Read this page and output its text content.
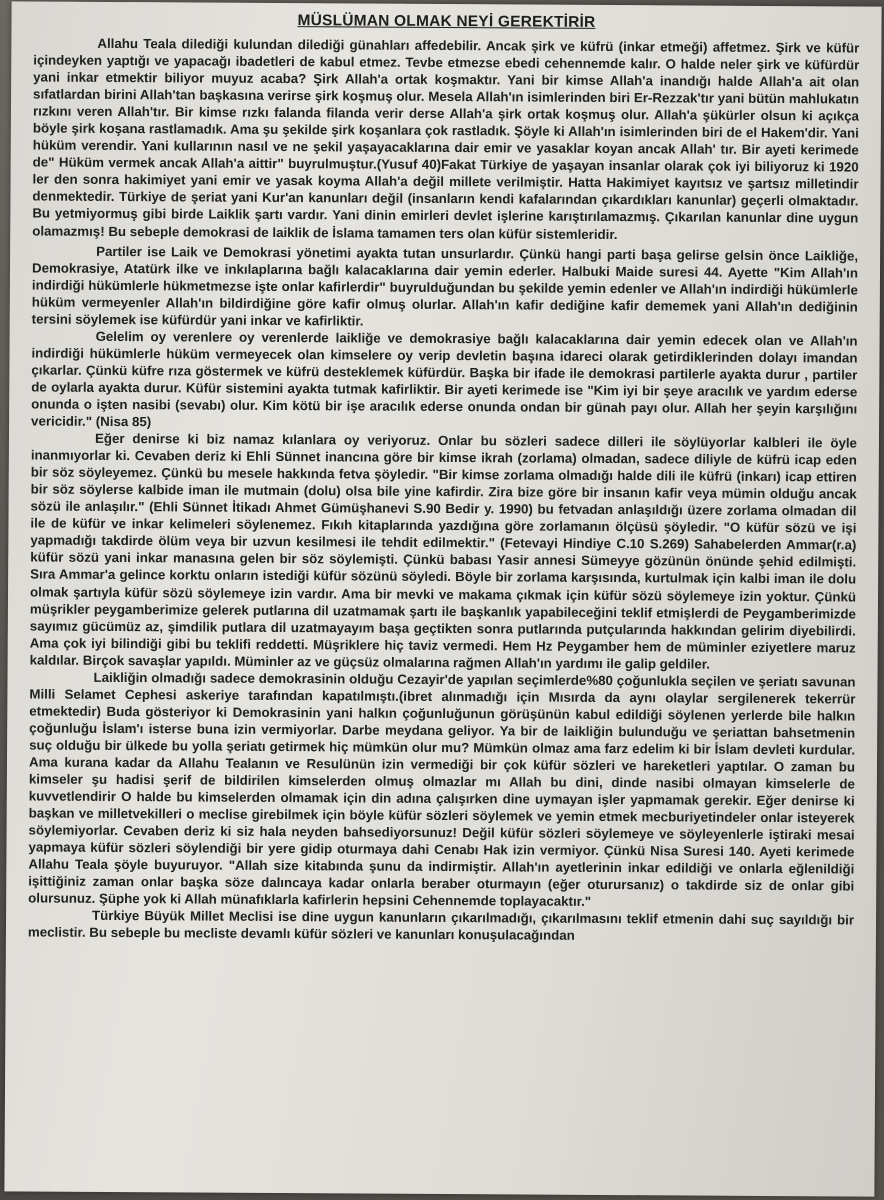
MÜSLÜMAN OLMAK NEYİ GEREKTİRİR

Allahu Teala dilediği kulundan dilediği günahları affedebilir. Ancak şirk ve küfrü (inkar etmeği) affetmez. Şirk ve küfür içindeyken yaptığı ve yapacağı ibadetleri de kabul etmez. Tevbe etmezse ebedi cehennemde kalır. O halde neler şirk ve küfürdür yani inkar etmektir biliyor muyuz acaba? Şirk Allah'a ortak koşmaktır. Yani bir kimse Allah'a inandığı halde Allah'a ait olan sıfatlardan birini Allah'tan başkasına verirse şirk koşmuş olur. Mesela Allah'ın isimlerinden biri Er-Rezzak'tır yani bütün mahlukatın rızkını veren Allah'tır. Bir kimse rızkı falanda filanda verir derse Allah'a şirk ortak koşmuş olur. Allah'a şükürler olsun ki açıkça böyle şirk koşana rastlamadık. Ama şu şekilde şirk koşanlara çok rastladık. Şöyle ki Allah'ın isimlerinden biri de el Hakem'dir. Yani hüküm verendir. Yani kullarının nasıl ve ne şekil yaşayacaklarına dair emir ve yasaklar koyan ancak Allah' tır. Bir ayeti kerimede de" Hüküm vermek ancak Allah'a aittir" buyrulmuştur.(Yusuf 40)Fakat Türkiye de yaşayan insanlar olarak çok iyi biliyoruz ki 1920 ler den sonra hakimiyet yani emir ve yasak koyma Allah'a değil millete verilmiştir. Hatta Hakimiyet kayıtsız ve şartsız milletindir denmektedir. Türkiye de şeriat yani Kur'an kanunları değil (insanların kendi kafalarından çıkardıkları kanunlar) geçerli olmaktadır. Bu yetmiyormuş gibi birde Laiklik şartı vardır. Yani dinin emirleri devlet işlerine karıştırılamazmış. Çıkarılan kanunlar dine uygun olamazmış! Bu sebeple demokrasi de laiklik de İslama tamamen ters olan küfür sistemleridir.

Partiler ise Laik ve Demokrasi yönetimi ayakta tutan unsurlardır. Çünkü hangi parti başa gelirse gelsin önce Laikliğe, Demokrasiye, Atatürk ilke ve inkılaplarına bağlı kalacaklarına dair yemin ederler. Halbuki Maide suresi 44. Ayette "Kim Allah'ın indirdiği hükümlerle hükmetmezse işte onlar kafirlerdir" buyrulduğundan bu şekilde yemin edenler ve Allah'ın indirdiği hükümlerle hüküm vermeyenler Allah'ın bildirdiğine göre kafir olmuş olurlar. Allah'ın kafir dediğine kafir dememek yani Allah'ın dediğinin tersini söylemek ise küfürdür yani inkar ve kafirliktir.

Gelelim oy verenlere oy verenlerde laikliğe ve demokrasiye bağlı kalacaklarına dair yemin edecek olan ve Allah'ın indirdiği hükümlerle hüküm vermeyecek olan kimselere oy verip devletin başına idareci olarak getirdiklerinden dolayı imandan çıkarlar. Çünkü küfre rıza göstermek ve küfrü desteklemek küfürdür. Başka bir ifade ile demokrasi partilerle ayakta durur , partiler de oylarla ayakta durur. Küfür sistemini ayakta tutmak kafirliktir. Bir ayeti kerimede ise "Kim iyi bir şeye aracılık ve yardım ederse onunda o işten nasibi (sevabı) olur. Kim kötü bir işe aracılık ederse onunda ondan bir günah payı olur. Allah her şeyin karşılığını vericidir." (Nisa 85)

Eğer denirse ki biz namaz kılanlara oy veriyoruz. Onlar bu sözleri sadece dilleri ile söylüyorlar kalbleri ile öyle inanmıyorlar ki. Cevaben deriz ki Ehli Sünnet inancına göre bir kimse ikrah (zorlama) olmadan, sadece diliyle de küfrü icap eden bir söz söyleyemez. Çünkü bu mesele hakkında fetva şöyledir. "Bir kimse zorlama olmadığı halde dili ile küfrü (inkarı) icap ettiren bir söz söylerse kalbide iman ile mutmain (dolu) olsa bile yine kafirdir. Zira bize göre bir insanın kafir veya mümin olduğu ancak sözü ile anlaşılır." (Ehli Sünnet İtikadı Ahmet Gümüşhanevi S.90 Bedir y. 1990) bu fetvadan anlaşıldığı üzere zorlama olmadan dil ile de küfür ve inkar kelimeleri söylenemez. Fıkıh kitaplarında yazdığına göre zorlamanın ölçüsü şöyledir. "O küfür sözü ve işi yapmadığı takdirde ölüm veya bir uzvun kesilmesi ile tehdit edilmektir." (Fetevayi Hindiye C.10 S.269) Sahabelerden Ammar(r.a) küfür sözü yani inkar manasına gelen bir söz söylemişti. Çünkü babası Yasir annesi Sümeyye gözünün önünde şehid edilmişti. Sıra Ammar'a gelince korktu onların istediği küfür sözünü söyledi. Böyle bir zorlama karşısında, kurtulmak için kalbi iman ile dolu olmak şartıyla küfür sözü söylemeye izin vardır. Ama bir mevki ve makama çıkmak için küfür sözü söylemeye izin yoktur. Çünkü müşrikler peygamberimize gelerek putlarına dil uzatmamak şartı ile başkanlık yapabileceğini teklif etmişlerdi de Peygamberimizde sayımız gücümüz az, şimdilik putlara dil uzatmayayım başa geçtikten sonra putlarında putçularında hakkından gelirim diyebilirdi. Ama çok iyi bilindiği gibi bu teklifi reddetti. Müşriklere hiç taviz vermedi. Hem Hz Peygamber hem de müminler eziyetlere maruz kaldılar. Birçok savaşlar yapıldı. Müminler az ve güçsüz olmalarına rağmen Allah'ın yardımı ile galip geldiler.

Laikliğin olmadığı sadece demokrasinin olduğu Cezayir'de yapılan seçimlerde%80 çoğunlukla seçilen ve şeriatı savunan Milli Selamet Cephesi askeriye tarafından kapatılmıştı.(ibret alınmadığı için Mısırda da aynı olaylar sergilenerek tekerrür etmektedir) Buda gösteriyor ki Demokrasinin yani halkın çoğunluğunun görüşünün kabul edildiği söylenen yerlerde bile halkın çoğunluğu İslam'ı isterse buna izin vermiyorlar. Darbe meydana geliyor. Ya bir de laikliğin bulunduğu ve şeriattan bahsetmenin suç olduğu bir ülkede bu yolla şeriatı getirmek hiç mümkün olur mu? Mümkün olmaz ama farz edelim ki bir İslam devleti kurdular. Ama kurana kadar da Allahu Tealanın ve Resulünün izin vermediği bir çok küfür sözleri ve hareketleri yaptılar. O zaman bu kimseler şu hadisi şerif de bildirilen kimselerden olmuş olmazlar mı Allah bu dini, dinde nasibi olmayan kimselerle de kuvvetlendirir O halde bu kimselerden olmamak için din adına çalışırken dine uymayan işler yapmamak gerekir. Eğer denirse ki başkan ve milletvekilleri o meclise girebilmek için böyle küfür sözleri söylemek ve yemin etmek mecburiyetindeler onlar isteyerek söylemiyorlar. Cevaben deriz ki siz hala neyden bahsediyorsunuz! Değil küfür sözleri söylemeye ve söyleyenlerle iştiraki mesai yapmaya küfür sözleri söylendiği bir yere gidip oturmaya dahi Cenabı Hak izin vermiyor. Çünkü Nisa Suresi 140. Ayeti kerimede Allahu Teala şöyle buyuruyor. "Allah size kitabında şunu da indirmiştir. Allah'ın ayetlerinin inkar edildiği ve onlarla eğlenildiği işittiğiniz zaman onlar başka söze dalıncaya kadar onlarla beraber oturmayın (eğer oturursanız) o takdirde siz de onlar gibi olursunuz. Şüphe yok ki Allah münafıklarla kafirlerin hepsini Cehennemde toplayacaktır."

Türkiye Büyük Millet Meclisi ise dine uygun kanunların çıkarılmadığı, çıkarılmasını teklif etmenin dahi suç sayıldığı bir meclistir. Bu sebeple bu mecliste devamlı küfür sözleri ve kanunları konuşulacağından
